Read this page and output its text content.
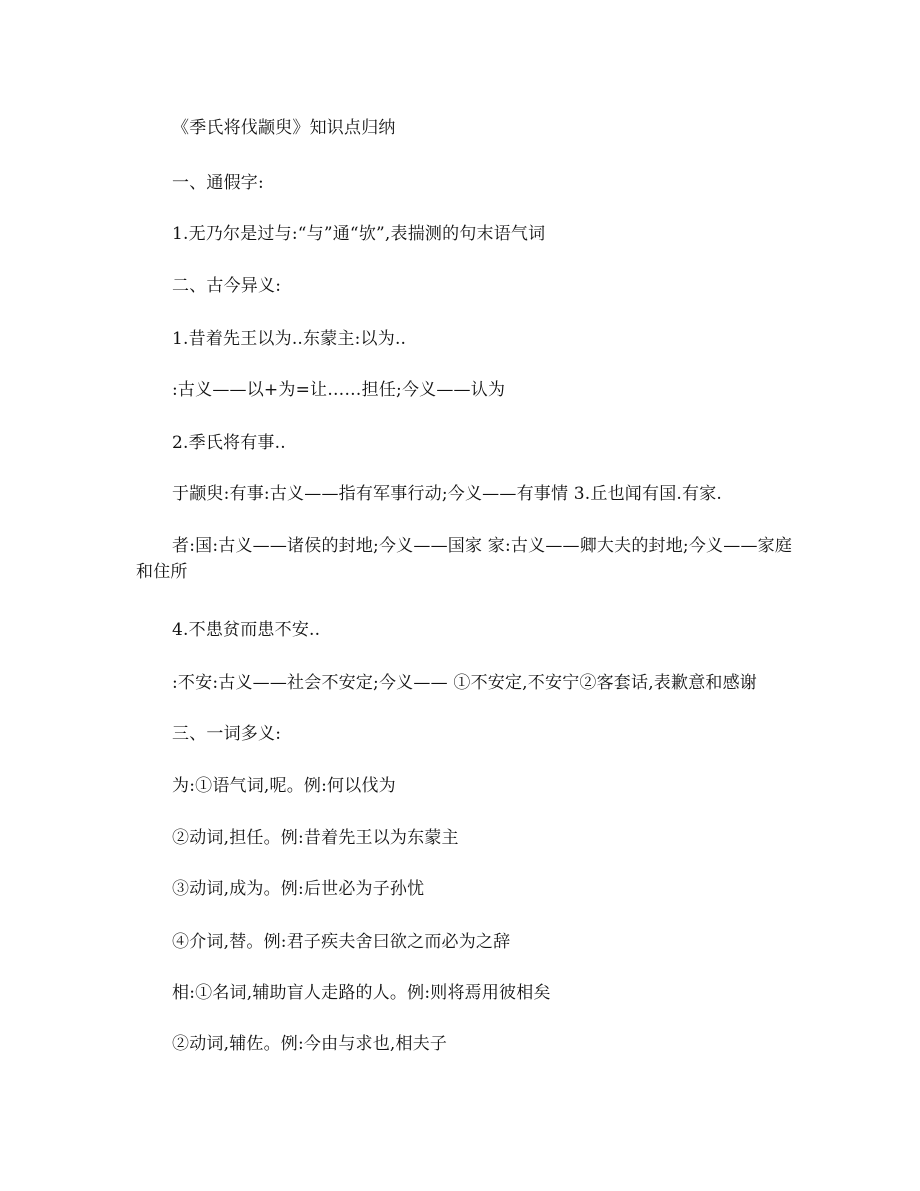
《季氏将伐颛臾》知识点归纳
一、通假字:
1.无乃尔是过与:“与”通“欤”,表揣测的句末语气词
二、古今异义:
1.昔着先王以为..东蒙主:以为..
:古义——以+为=让……担任;今义——认为
2.季氏将有事..
于颛臾:有事:古义——指有军事行动;今义——有事情 3.丘也闻有国.有家.
者:国:古义——诸侯的封地;今义——国家 家:古义——卿大夫的封地;今义——家庭和住所
4.不患贫而患不安..
:不安:古义——社会不安定;今义—— ①不安定,不安宁②客套话,表歉意和感谢
三、一词多义:
为:①语气词,呢。例:何以伐为
②动词,担任。例:昔着先王以为东蒙主
③动词,成为。例:后世必为子孙忧
④介词,替。例:君子疾夫舍曰欲之而必为之辞
相:①名词,辅助盲人走路的人。例:则将焉用彼相矣
②动词,辅佐。例:今由与求也,相夫子
